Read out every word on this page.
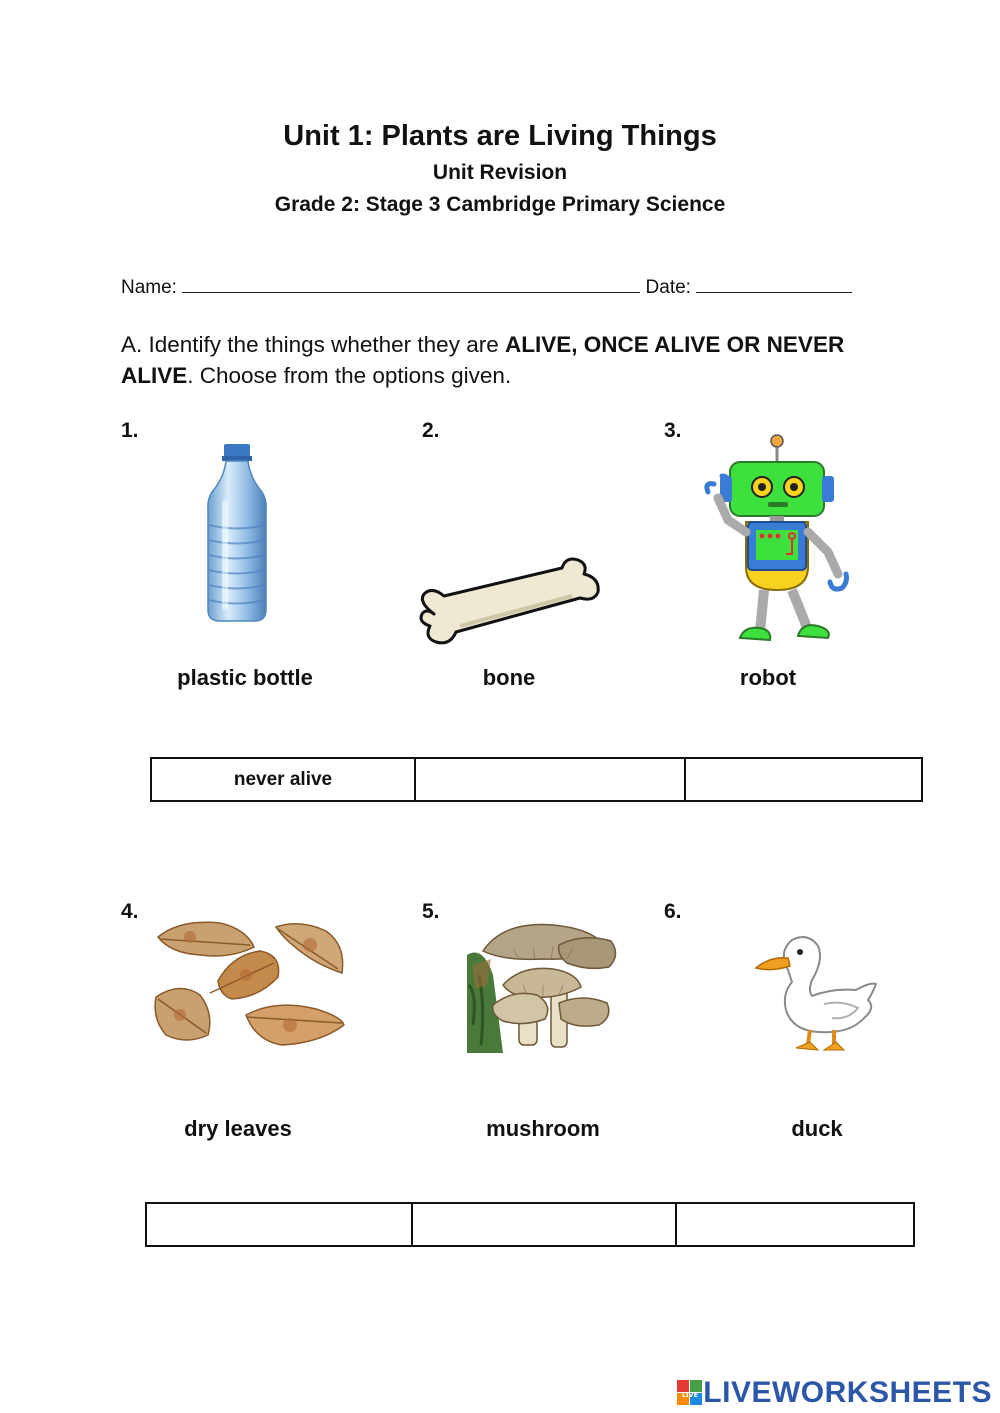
Unit 1: Plants are Living Things
Unit Revision
Grade 2: Stage 3 Cambridge Primary Science
Name:	Date:
A. Identify the things whether they are ALIVE, ONCE ALIVE OR NEVER ALIVE. Choose from the options given.
1.	2.	3.
plastic bottle	bone	robot
never alive		
4.	5.	6.
dry leaves	mushroom	duck

LIVE LIVEWORKSHEETS
